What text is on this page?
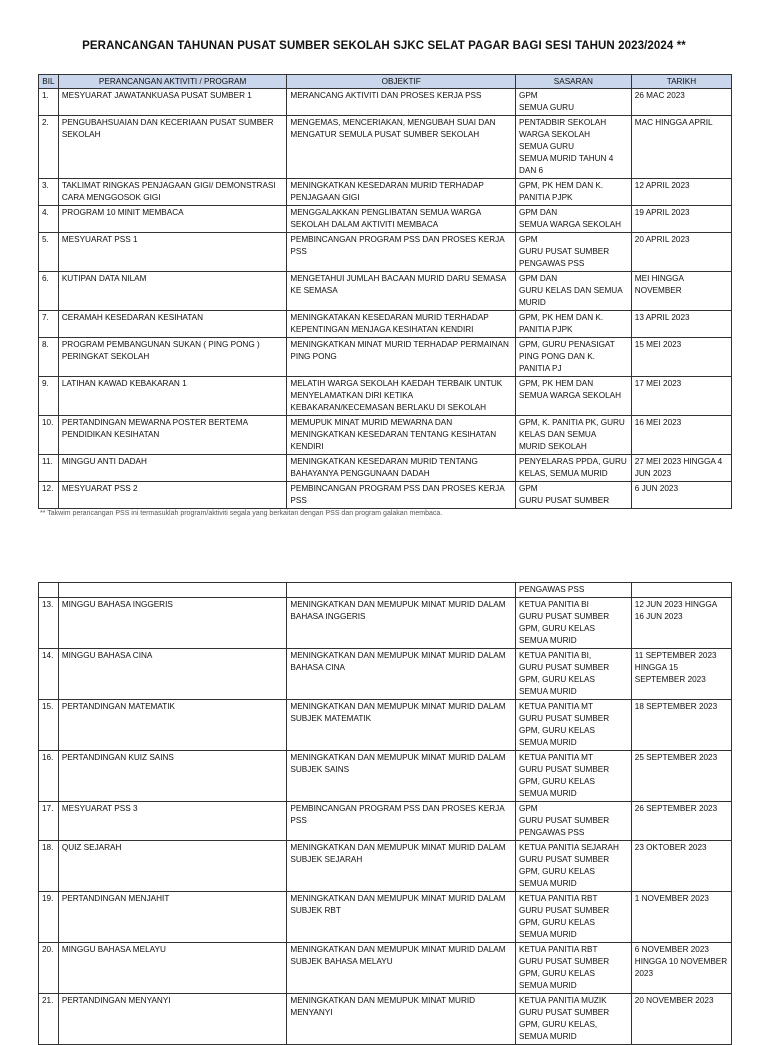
PERANCANGAN TAHUNAN PUSAT SUMBER SEKOLAH SJKC SELAT PAGAR BAGI SESI TAHUN 2023/2024 **
BIL	PERANCANGAN AKTIVITI / PROGRAM	OBJEKTIF	SASARAN	TARIKH
1.	MESYUARAT JAWATANKUASA PUSAT SUMBER 1	MERANCANG AKTIVITI DAN PROSES KERJA PSS	GPM
SEMUA GURU	26 MAC 2023
2.	PENGUBAHSUAIAN DAN KECERIAAN PUSAT SUMBER SEKOLAH	MENGEMAS, MENCERIAKAN, MENGUBAH SUAI DAN MENGATUR SEMULA PUSAT SUMBER SEKOLAH	PENTADBIR SEKOLAH
WARGA SEKOLAH
SEMUA GURU
SEMUA MURID TAHUN 4
DAN 6	MAC HINGGA APRIL
3.	TAKLIMAT RINGKAS PENJAGAAN GIGI/ DEMONSTRASI CARA MENGGOSOK GIGI	MENINGKATKAN KESEDARAN MURID TERHADAP PENJAGAAN GIGI	GPM, PK HEM DAN K.
PANITIA PJPK	12 APRIL 2023
4.	PROGRAM 10 MINIT MEMBACA	MENGGALAKKAN PENGLIBATAN SEMUA WARGA SEKOLAH DALAM AKTIVITI MEMBACA	GPM DAN
SEMUA WARGA SEKOLAH	19 APRIL 2023
5.	MESYUARAT PSS 1	PEMBINCANGAN PROGRAM PSS DAN PROSES KERJA PSS	GPM
GURU PUSAT SUMBER
PENGAWAS PSS	20 APRIL 2023
6.	KUTIPAN DATA NILAM	MENGETAHUI JUMLAH BACAAN MURID DARU SEMASA KE SEMASA	GPM DAN
GURU KELAS DAN SEMUA
MURID	MEI HINGGA NOVEMBER
7.	CERAMAH KESEDARAN KESIHATAN	MENINGKATAKAN KESEDARAN MURID TERHADAP KEPENTINGAN MENJAGA KESIHATAN KENDIRI	GPM, PK HEM DAN K.
PANITIA PJPK	13 APRIL 2023
8.	PROGRAM PEMBANGUNAN SUKAN ( PING PONG ) PERINGKAT SEKOLAH	MENINGKATKAN MINAT MURID TERHADAP PERMAINAN PING PONG	GPM, GURU PENASIGAT
PING PONG DAN K.
PANITIA PJ	15 MEI 2023
9.	LATIHAN KAWAD KEBAKARAN 1	MELATIH WARGA SEKOLAH KAEDAH TERBAIK UNTUK MENYELAMATKAN DIRI KETIKA KEBAKARAN/KECEMASAN BERLAKU DI SEKOLAH	GPM, PK HEM DAN
SEMUA WARGA SEKOLAH	17 MEI 2023
10.	PERTANDINGAN MEWARNA POSTER BERTEMA PENDIDIKAN KESIHATAN	MEMUPUK MINAT MURID MEWARNA DAN MENINGKATKAN KESEDARAN TENTANG KESIHATAN KENDIRI	GPM, K. PANITIA PK, GURU
KELAS DAN SEMUA
MURID SEKOLAH	16 MEI 2023
11.	MINGGU ANTI DADAH	MENINGKATKAN KESEDARAN MURID TENTANG BAHAYANYA PENGGUNAAN DADAH	PENYELARAS PPDA, GURU
KELAS, SEMUA MURID	27 MEI 2023 HINGGA 4 JUN 2023
12.	MESYUARAT PSS 2	PEMBINCANGAN PROGRAM PSS DAN PROSES KERJA PSS	GPM
GURU PUSAT SUMBER	6 JUN 2023
** Takwim perancangan PSS ini termasuklah program/aktiviti segala yang berkaitan dengan PSS dan program galakan membaca.
			PENGAWAS PSS	
13.	MINGGU BAHASA INGGERIS	MENINGKATKAN DAN MEMUPUK MINAT MURID DALAM BAHASA INGGERIS	KETUA PANITIA BI
GURU PUSAT SUMBER
GPM, GURU KELAS
SEMUA MURID	12 JUN 2023 HINGGA 16 JUN 2023
14.	MINGGU BAHASA CINA	MENINGKATKAN DAN MEMUPUK MINAT MURID DALAM BAHASA CINA	KETUA PANITIA BI,
GURU PUSAT SUMBER
GPM, GURU KELAS
SEMUA MURID	11 SEPTEMBER 2023 HINGGA 15 SEPTEMBER 2023
15.	PERTANDINGAN MATEMATIK	MENINGKATKAN DAN MEMUPUK MINAT MURID DALAM SUBJEK MATEMATIK	KETUA PANITIA MT
GURU PUSAT SUMBER
GPM, GURU KELAS
SEMUA MURID	18 SEPTEMBER 2023
16.	PERTANDINGAN KUIZ SAINS	MENINGKATKAN DAN MEMUPUK MINAT MURID DALAM SUBJEK SAINS	KETUA PANITIA MT
GURU PUSAT SUMBER
GPM, GURU KELAS
SEMUA MURID	25 SEPTEMBER 2023
17.	MESYUARAT PSS 3	PEMBINCANGAN PROGRAM PSS DAN PROSES KERJA PSS	GPM
GURU PUSAT SUMBER
PENGAWAS PSS	26 SEPTEMBER 2023
18.	QUIZ SEJARAH	MENINGKATKAN DAN MEMUPUK MINAT MURID DALAM SUBJEK SEJARAH	KETUA PANITIA SEJARAH
GURU PUSAT SUMBER
GPM, GURU KELAS
SEMUA MURID	23 OKTOBER 2023
19.	PERTANDINGAN MENJAHIT	MENINGKATKAN DAN MEMUPUK MINAT MURID DALAM SUBJEK RBT	KETUA PANITIA RBT
GURU PUSAT SUMBER
GPM, GURU KELAS
SEMUA MURID	1 NOVEMBER 2023
20.	MINGGU BAHASA MELAYU	MENINGKATKAN DAN MEMUPUK MINAT MURID DALAM SUBJEK BAHASA MELAYU	KETUA PANITIA RBT
GURU PUSAT SUMBER
GPM, GURU KELAS
SEMUA MURID	6 NOVEMBER 2023 HINGGA 10 NOVEMBER 2023
21.	PERTANDINGAN MENYANYI	MENINGKATKAN DAN MEMUPUK MINAT MURID MENYANYI	KETUA PANITIA MUZIK
GURU PUSAT SUMBER
GPM, GURU KELAS,
SEMUA MURID	20 NOVEMBER 2023
